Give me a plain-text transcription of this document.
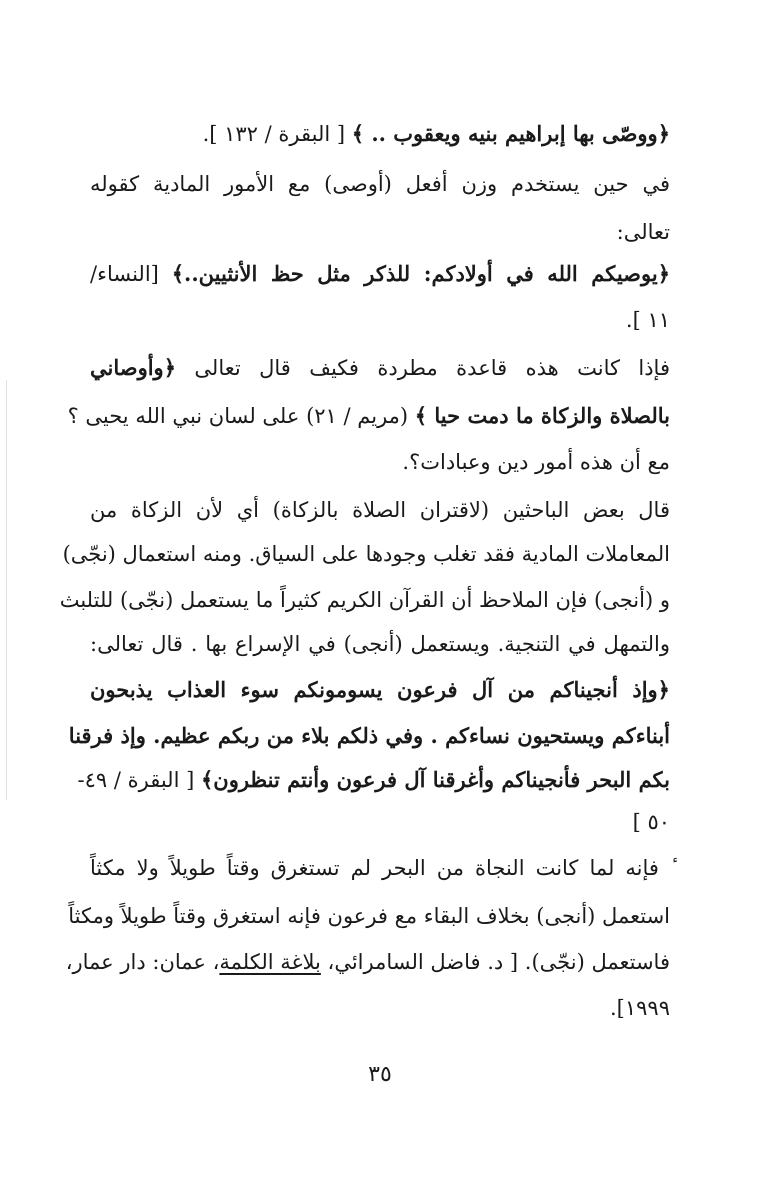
﴿ووصّى بها إبراهيم بنيه ويعقوب .. ﴾ [ البقرة / ١٣٢ ].
في حين يستخدم وزن أفعل (أوصى) مع الأمور المادية كقوله
تعالى:
﴿يوصيكم الله في أولادكم: للذكر مثل حظ الأنثيين..﴾ [النساء/
١١ ].
فإذا كانت هذه قاعدة مطردة فكيف قال تعالى ﴿وأوصاني
بالصلاة والزكاة ما دمت حيا ﴾ (مريم / ٢١) على لسان نبي الله يحيى ؟
مع أن هذه أمور دين وعبادات؟.
قال بعض الباحثين (لاقتران الصلاة بالزكاة) أي لأن الزكاة من
المعاملات المادية فقد تغلب وجودها على السياق. ومنه استعمال (نجّى)
و (أنجى) فإن الملاحظ أن القرآن الكريم كثيراً ما يستعمل (نجّى) للتلبث
والتمهل في التنجية. ويستعمل (أنجى) في الإسراع بها . قال تعالى:
﴿وإذ أنجيناكم من آل فرعون يسومونكم سوء العذاب يذبحون
أبناءكم ويستحيون نساءكم . وفي ذلكم بلاء من ربكم عظيم. وإذ فرقنا
بكم البحر فأنجيناكم وأغرقنا آل فرعون وأنتم تنظرون﴾ [ البقرة / ٤٩-
٥٠ ]
ٔ فإنه لما كانت النجاة من البحر لم تستغرق وقتاً طويلاً ولا مكثاً
استعمل (أنجى) بخلاف البقاء مع فرعون فإنه استغرق وقتاً طويلاً ومكثاً
فاستعمل (نجّى). [ د. فاضل السامرائي، بلاغة الكلمة، عمان: دار عمار،
١٩٩٩].
٣٥
